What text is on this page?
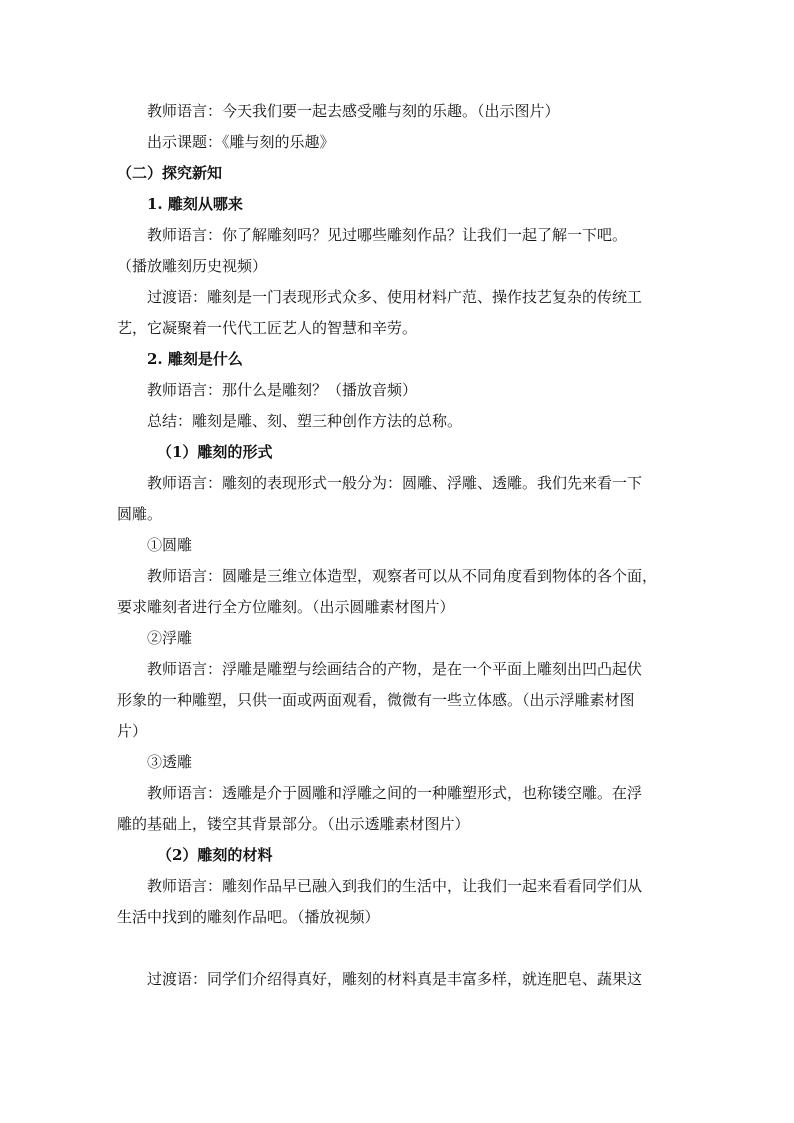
教师语言：今天我们要一起去感受雕与刻的乐趣。（出示图片）
出示课题：《雕与刻的乐趣》
（二）探究新知
1. 雕刻从哪来
教师语言：你了解雕刻吗？见过哪些雕刻作品？让我们一起了解一下吧。
（播放雕刻历史视频）
过渡语：雕刻是一门表现形式众多、使用材料广范、操作技艺复杂的传统工
艺，它凝聚着一代代工匠艺人的智慧和辛劳。
2. 雕刻是什么
教师语言：那什么是雕刻？（播放音频）
总结：雕刻是雕、刻、塑三种创作方法的总称。
（1）雕刻的形式
教师语言：雕刻的表现形式一般分为：圆雕、浮雕、透雕。我们先来看一下
圆雕。
①圆雕
教师语言：圆雕是三维立体造型，观察者可以从不同角度看到物体的各个面，
要求雕刻者进行全方位雕刻。（出示圆雕素材图片）
②浮雕
教师语言：浮雕是雕塑与绘画结合的产物，是在一个平面上雕刻出凹凸起伏
形象的一种雕塑，只供一面或两面观看，微微有一些立体感。（出示浮雕素材图
片）
③透雕
教师语言：透雕是介于圆雕和浮雕之间的一种雕塑形式，也称镂空雕。在浮
雕的基础上，镂空其背景部分。（出示透雕素材图片）
（2）雕刻的材料
教师语言：雕刻作品早已融入到我们的生活中，让我们一起来看看同学们从
生活中找到的雕刻作品吧。（播放视频）
过渡语：同学们介绍得真好，雕刻的材料真是丰富多样，就连肥皂、蔬果这
